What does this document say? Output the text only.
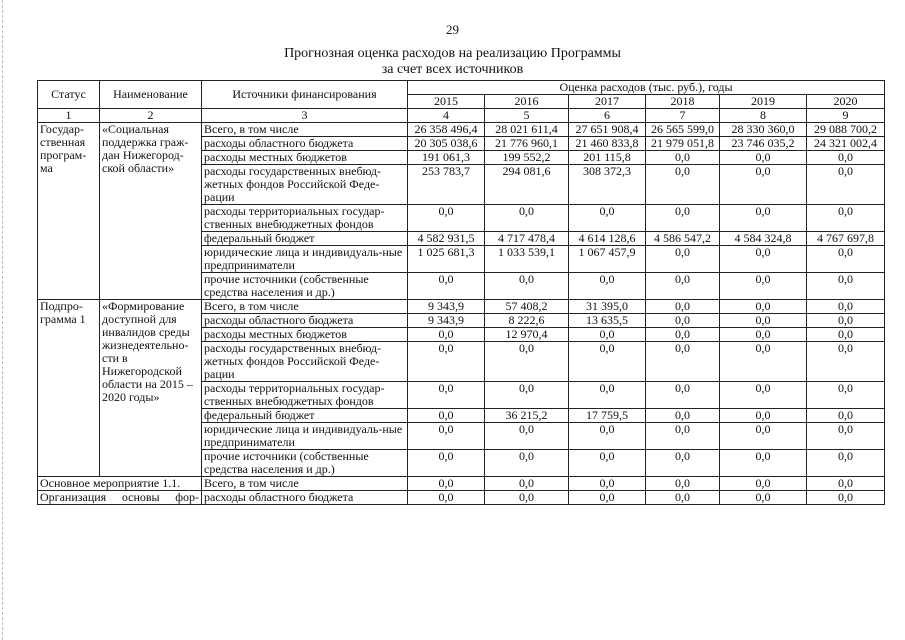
29
Прогнозная оценка расходов на реализацию Программы
за счет всех источников
Статус	Наименование	Источники финансирования	Оценка расходов (тыс. руб.), годы					
			2015	2016	2017	2018	2019	2020
1	2	3	4	5	6	7	8	9
Государ-ственная програм-ма	«Социальная поддержка граж-дан Нижегород-ской области»	Всего, в том числе	26 358 496,4	28 021 611,4	27 651 908,4	26 565 599,0	28 330 360,0	29 088 700,2
		расходы областного бюджета	20 305 038,6	21 776 960,1	21 460 833,8	21 979 051,8	23 746 035,2	24 321 002,4
		расходы местных бюджетов	191 061,3	199 552,2	201 115,8	0,0	0,0	0,0
		расходы государственных внебюд-жетных фондов Российской Феде-рации	253 783,7	294 081,6	308 372,3	0,0	0,0	0,0
		расходы территориальных государ-ственных внебюджетных фондов	0,0	0,0	0,0	0,0	0,0	0,0
		федеральный бюджет	4 582 931,5	4 717 478,4	4 614 128,6	4 586 547,2	4 584 324,8	4 767 697,8
		юридические лица и индивидуаль-ные предприниматели	1 025 681,3	1 033 539,1	1 067 457,9	0,0	0,0	0,0
		прочие источники (собственные средства населения и др.)	0,0	0,0	0,0	0,0	0,0	0,0
Подпро-грамма 1	«Формирование доступной для инвалидов среды жизнедеятельно-сти в Нижегородской области на 2015 –2020 годы»	Всего, в том числе	9 343,9	57 408,2	31 395,0	0,0	0,0	0,0
		расходы областного бюджета	9 343,9	8 222,6	13 635,5	0,0	0,0	0,0
		расходы местных бюджетов	0,0	12 970,4	0,0	0,0	0,0	0,0
		расходы государственных внебюд-жетных фондов Российской Феде-рации	0,0	0,0	0,0	0,0	0,0	0,0
		расходы территориальных государ-ственных внебюджетных фондов	0,0	0,0	0,0	0,0	0,0	0,0
		федеральный бюджет	0,0	36 215,2	17 759,5	0,0	0,0	0,0
		юридические лица и индивидуаль-ные предприниматели	0,0	0,0	0,0	0,0	0,0	0,0
		прочие источники (собственные средства населения и др.)	0,0	0,0	0,0	0,0	0,0	0,0
Основное мероприятие 1.1.		Всего, в том числе	0,0	0,0	0,0	0,0	0,0	0,0
Организация основы фор-		расходы областного бюджета	0,0	0,0	0,0	0,0	0,0	0,0
